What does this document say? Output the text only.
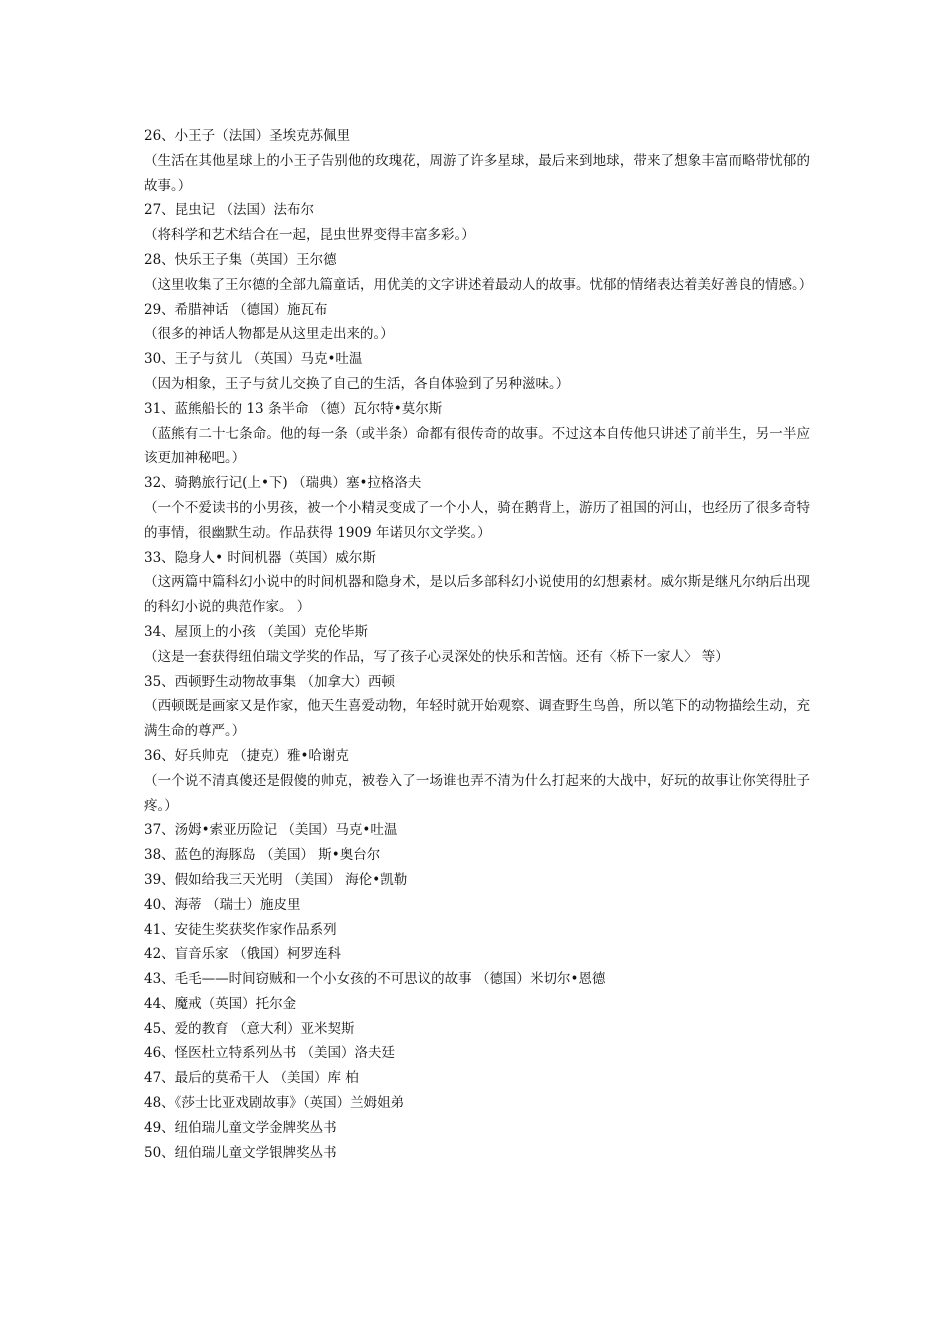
26、小王子（法国）圣埃克苏佩里

（生活在其他星球上的小王子告别他的玫瑰花，周游了许多星球，最后来到地球，带来了想象丰富而略带忧郁的故事。）

27、昆虫记 （法国）法布尔

（将科学和艺术结合在一起，昆虫世界变得丰富多彩。）

28、快乐王子集（英国）王尔德

（这里收集了王尔德的全部九篇童话，用优美的文字讲述着最动人的故事。忧郁的情绪表达着美好善良的情感。）

29、希腊神话 （德国）施瓦布

（很多的神话人物都是从这里走出来的。）

30、王子与贫儿 （英国）马克•吐温

（因为相象，王子与贫儿交换了自己的生活，各自体验到了另种滋味。）

31、蓝熊船长的 13 条半命 （德）瓦尔特•莫尔斯

（蓝熊有二十七条命。他的每一条（或半条）命都有很传奇的故事。不过这本自传他只讲述了前半生，另一半应该更加神秘吧。）

32、骑鹅旅行记(上•下) （瑞典）塞•拉格洛夫

（一个不爱读书的小男孩，被一个小精灵变成了一个小人，骑在鹅背上，游历了祖国的河山，也经历了很多奇特的事情，很幽默生动。作品获得 1909 年诺贝尔文学奖。）

33、隐身人• 时间机器（英国）威尔斯

（这两篇中篇科幻小说中的时间机器和隐身术，是以后多部科幻小说使用的幻想素材。威尔斯是继凡尔纳后出现的科幻小说的典范作家。 ）

34、屋顶上的小孩 （美国）克伦毕斯

（这是一套获得纽伯瑞文学奖的作品，写了孩子心灵深处的快乐和苦恼。还有〈桥下一家人〉 等）

35、西顿野生动物故事集 （加拿大）西顿

（西顿既是画家又是作家，他天生喜爱动物，年轻时就开始观察、调查野生鸟兽，所以笔下的动物描绘生动，充满生命的尊严。）

36、好兵帅克 （捷克）雅•哈谢克

（一个说不清真傻还是假傻的帅克，被卷入了一场谁也弄不清为什么打起来的大战中，好玩的故事让你笑得肚子疼。）

37、汤姆•索亚历险记 （美国）马克•吐温

38、蓝色的海豚岛 （美国） 斯•奥台尔

39、假如给我三天光明 （美国） 海伦•凯勒

40、海蒂 （瑞士）施皮里

41、安徒生奖获奖作家作品系列

42、盲音乐家 （俄国）柯罗连科

43、毛毛——时间窃贼和一个小女孩的不可思议的故事 （德国）米切尔•恩德

44、魔戒（英国）托尔金

45、爱的教育 （意大利）亚米契斯

46、怪医杜立特系列丛书 （美国）洛夫廷

47、最后的莫希干人 （美国）库 柏

48、《莎士比亚戏剧故事》（英国）兰姆姐弟

49、纽伯瑞儿童文学金牌奖丛书

50、纽伯瑞儿童文学银牌奖丛书
